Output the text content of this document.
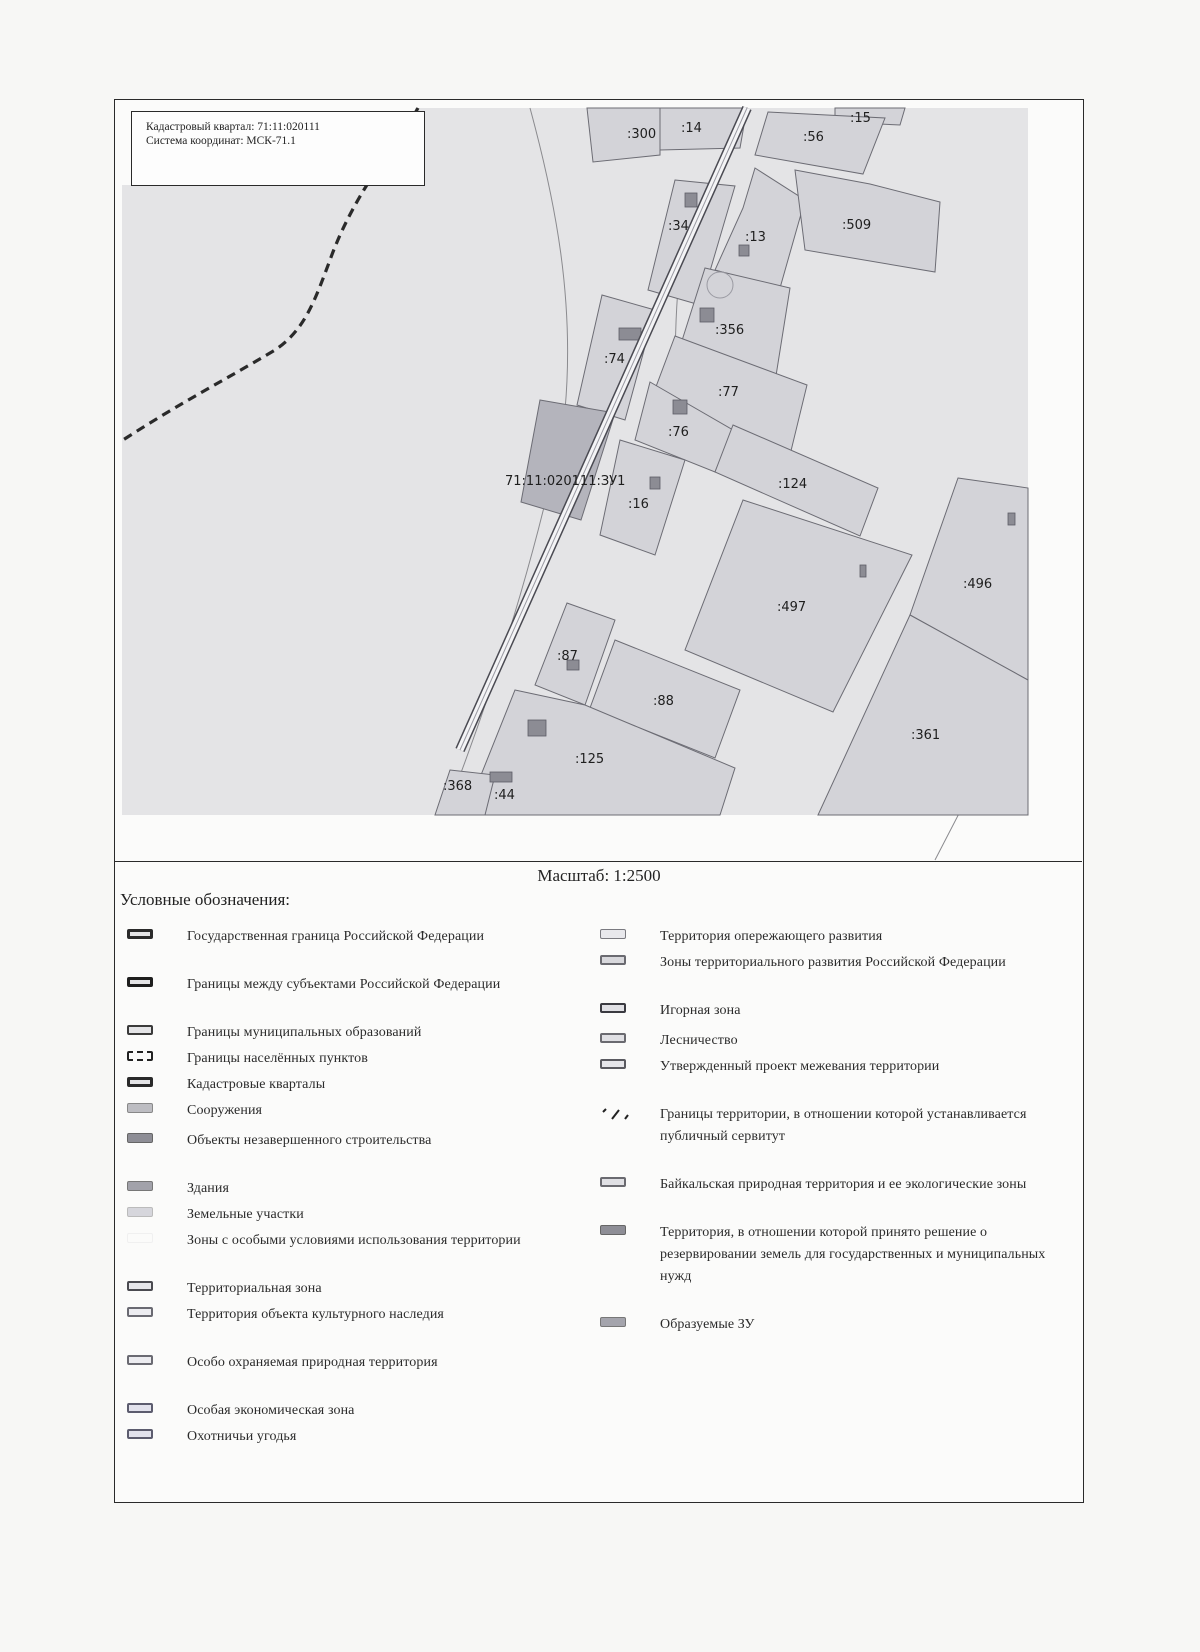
:300 :14
:15
:56
:34
:13
:509
:356
:74
:77
:76
71:11:020111:ЗУ1	:124
:16
:496
:497
:87
:88
:361
:125
:368
:44
Кадастровый квартал: 71:11:020111
Система координат: МСК-71.1
Масштаб: 1:2500
Условные обозначения:
Государственная граница Российской Федерации
Границы между субъектами Российской Федерации
Границы муниципальных образований
Границы населённых пунктов
Кадастровые кварталы
Сооружения
Объекты незавершенного строительства
Здания
Земельные участки
Зоны с особыми условиями использования территории
Территориальная зона
Территория объекта культурного наследия
Особо охраняемая природная территория
Особая экономическая зона
Охотничьи угодья
Территория опережающего развития
Зоны территориального развития Российской Федерации
Игорная зона
Лесничество
Утвержденный проект межевания территории
Границы территории, в отношении которой устанавливается публичный сервитут
Байкальская природная территория и ее экологические зоны
Территория, в отношении которой принято решение о резервировании земель для государственных и муниципальных нужд
Образуемые ЗУ
